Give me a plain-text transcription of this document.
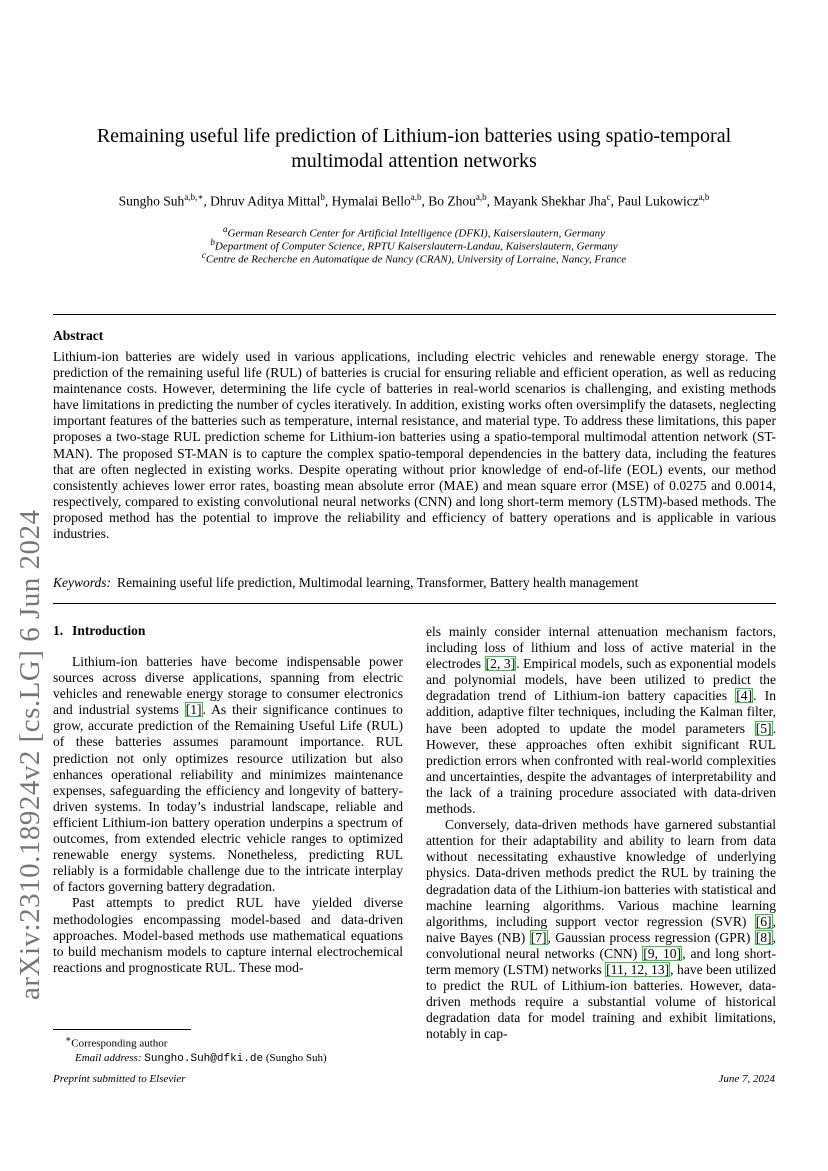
arXiv:2310.18924v2 [cs.LG] 6 Jun 2024
Remaining useful life prediction of Lithium-ion batteries using spatio-temporal
multimodal attention networks
Sungho Suh$^{a,b,∗}$, Dhruv Aditya Mittal$^b$, Hymalai Bello$^{a,b}$, Bo Zhou$^{a,b}$, Mayank Shekhar Jha$^c$, Paul Lukowicz$^{a,b}$
$^a$German Research Center for Artificial Intelligence (DFKI), Kaiserslautern, Germany
$^b$Department of Computer Science, RPTU Kaiserslautern-Landau, Kaiserslautern, Germany
$^c$Centre de Recherche en Automatique de Nancy (CRAN), University of Lorraine, Nancy, France
Abstract
Lithium-ion batteries are widely used in various applications, including electric vehicles and renewable energy storage. The prediction of the remaining useful life (RUL) of batteries is crucial for ensuring reliable and efficient operation, as well as reducing maintenance costs. However, determining the life cycle of batteries in real-world scenarios is challenging, and existing methods have limitations in predicting the number of cycles iteratively. In addition, existing works often oversimplify the datasets, neglecting important features of the batteries such as temperature, internal resistance, and material type. To address these limitations, this paper proposes a two-stage RUL prediction scheme for Lithium-ion batteries using a spatio-temporal multimodal attention network (ST-MAN). The proposed ST-MAN is to capture the complex spatio-temporal dependencies in the battery data, including the features that are often neglected in existing works. Despite operating without prior knowledge of end-of-life (EOL) events, our method consistently achieves lower error rates, boasting mean absolute error (MAE) and mean square error (MSE) of 0.0275 and 0.0014, respectively, compared to existing convolutional neural networks (CNN) and long short-term memory (LSTM)-based methods. The proposed method has the potential to improve the reliability and efficiency of battery operations and is applicable in various industries.
Keywords: Remaining useful life prediction, Multimodal learning, Transformer, Battery health management
1. Introduction

Lithium-ion batteries have become indispensable power sources across diverse applications, spanning from electric vehicles and renewable energy storage to consumer electronics and industrial systems [1]. As their significance continues to grow, accurate prediction of the Remaining Useful Life (RUL) of these batteries assumes paramount importance. RUL prediction not only optimizes resource utilization but also enhances operational reliability and minimizes maintenance expenses, safeguarding the efficiency and longevity of battery-driven systems. In today’s industrial landscape, reliable and efficient Lithium-ion battery operation underpins a spectrum of outcomes, from extended electric vehicle ranges to optimized renewable energy systems. Nonetheless, predicting RUL reliably is a formidable challenge due to the intricate interplay of factors governing battery degradation.

Past attempts to predict RUL have yielded diverse methodologies encompassing model-based and data-driven approaches. Model-based methods use mathematical equations to build mechanism models to capture internal electrochemical reactions and prognosticate RUL. These mod-

els mainly consider internal attenuation mechanism factors, including loss of lithium and loss of active material in the electrodes [2, 3]. Empirical models, such as exponential models and polynomial models, have been utilized to predict the degradation trend of Lithium-ion battery capacities [4]. In addition, adaptive filter techniques, including the Kalman filter, have been adopted to update the model parameters [5]. However, these approaches often exhibit significant RUL prediction errors when confronted with real-world complexities and uncertainties, despite the advantages of interpretability and the lack of a training procedure associated with data-driven methods.

Conversely, data-driven methods have garnered substantial attention for their adaptability and ability to learn from data without necessitating exhaustive knowledge of underlying physics. Data-driven methods predict the RUL by training the degradation data of the Lithium-ion batteries with statistical and machine learning algorithms. Various machine learning algorithms, including support vector regression (SVR) [6], naive Bayes (NB) [7], Gaussian process regression (GPR) [8], convolutional neural networks (CNN) [9, 10], and long short-term memory (LSTM) networks [11, 12, 13], have been utilized to predict the RUL of Lithium-ion batteries. However, data-driven methods require a substantial volume of historical degradation data for model training and exhibit limitations, notably in cap-

∗Corresponding author
Email address: Sungho.Suh@dfki.de (Sungho Suh)
Preprint submitted to Elsevier	June 7, 2024
